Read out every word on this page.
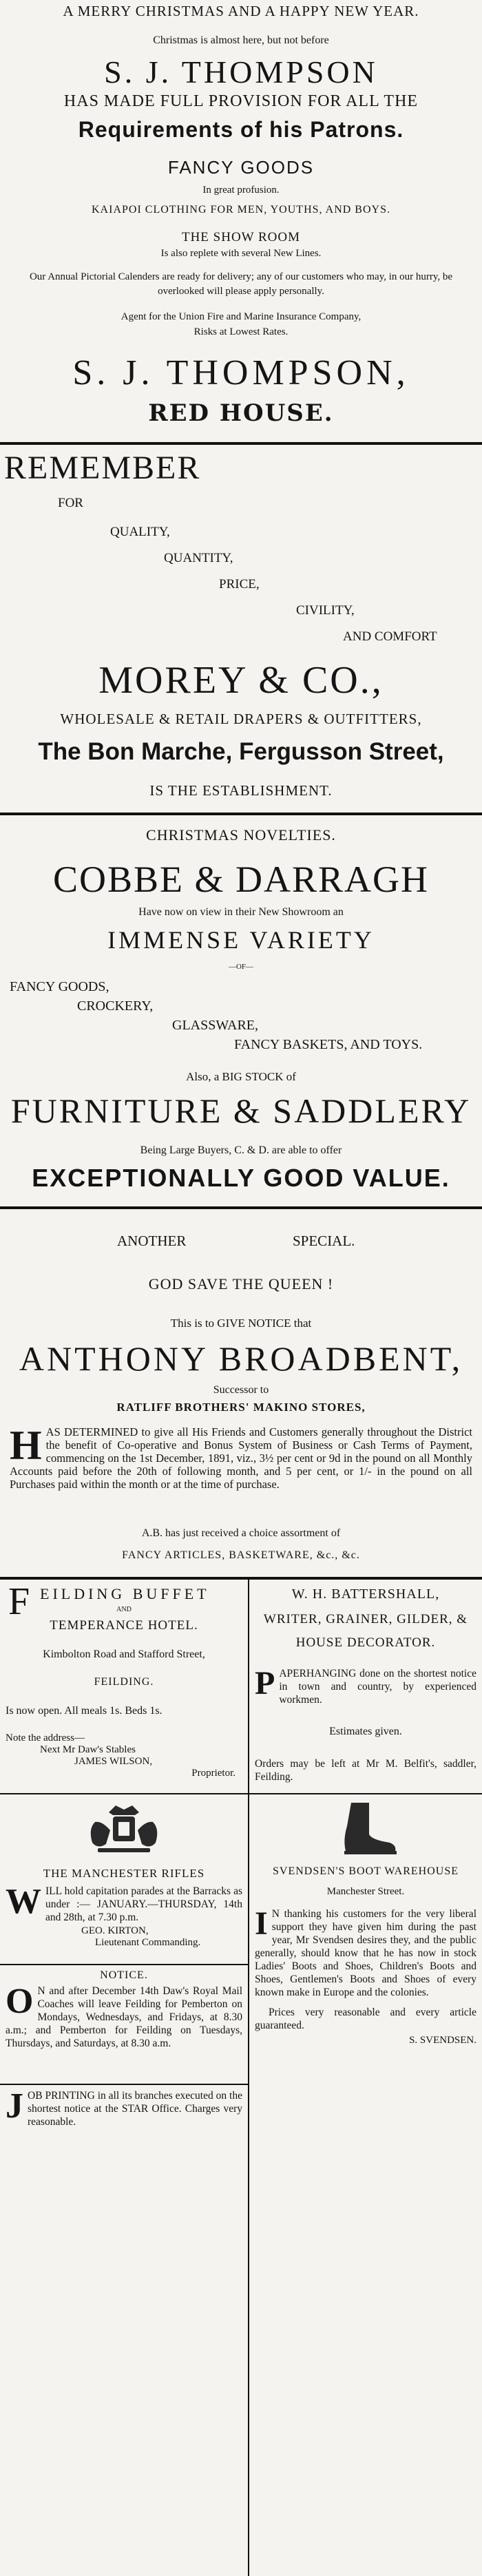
A MERRY CHRISTMAS AND A HAPPY NEW YEAR.
Christmas is almost here, but not before
S. J. THOMPSON
HAS MADE FULL PROVISION FOR ALL THE
Requirements of his Patrons.
FANCY GOODS
In great profusion.
KAIAPOI CLOTHING FOR MEN, YOUTHS, AND BOYS.
THE SHOW ROOM
Is also replete with several New Lines.
Our Annual Pictorial Calenders are ready for delivery; any of our customers who may, in our hurry, be overlooked will please apply personally.
Agent for the Union Fire and Marine Insurance Company,
Risks at Lowest Rates.
S. J. THOMPSON,
RED HOUSE.
REMEMBER
FOR
QUALITY,
QUANTITY,
PRICE,
CIVILITY,
AND COMFORT
MOREY & CO.,
WHOLESALE & RETAIL DRAPERS & OUTFITTERS,
The Bon Marche, Fergusson Street,
IS THE ESTABLISHMENT.
CHRISTMAS NOVELTIES.
COBBE & DARRAGH
Have now on view in their New Showroom an
IMMENSE VARIETY
—OF—
FANCY GOODS,
CROCKERY,
GLASSWARE,
FANCY BASKETS, AND TOYS.
Also, a BIG STOCK of
FURNITURE & SADDLERY
Being Large Buyers, C. & D. are able to offer
EXCEPTIONALLY GOOD VALUE.
ANOTHER	SPECIAL.
GOD SAVE THE QUEEN !
This is to GIVE NOTICE that
ANTHONY BROADBENT,
Successor to
RATLIFF BROTHERS' MAKINO STORES,
H AS DETERMINED to give all His Friends and Customers generally throughout the District the benefit of Co-operative and Bonus System of Business or Cash Terms of Payment, commencing on the 1st December, 1891, viz., 3½ per cent or 9d in the pound on all Monthly Accounts paid before the 20th of following month, and 5 per cent, or 1/- in the pound on all Purchases paid within the month or at the time of purchase.

A.B. has just received a choice assortment of
FANCY ARTICLES, BASKETWARE, &c., &c.
F EILDING BUFFET
AND
TEMPERANCE HOTEL.
Kimbolton Road and Stafford Street,
FEILDING.
Is now open. All meals 1s. Beds 1s.
Note the address—
Next Mr Daw's Stables
JAMES WILSON,
Proprietor.
THE MANCHESTER RIFLES
W ILL hold capitation parades at the Barracks as under :— JANUARY.—THURSDAY, 14th and 28th, at 7.30 p.m.

GEO. KIRTON,
Lieutenant Commanding.
NOTICE.
O N and after December 14th Daw's Royal Mail Coaches will leave Feilding for Pemberton on Mondays, Wednesdays, and Fridays, at 8.30 a.m.; and Pemberton for Feilding on Tuesdays, Thursdays, and Saturdays, at 8.30 a.m.

J OB PRINTING in all its branches executed on the shortest notice at the STAR Office. Charges very reasonable.

W. H. BATTERSHALL,
WRITER, GRAINER, GILDER, &
HOUSE DECORATOR.
P APERHANGING done on the shortest notice in town and country, by experienced workmen.

Estimates given.
Orders may be left at Mr M. Belfit's, saddler, Feilding.
SVENDSEN'S BOOT WAREHOUSE
Manchester Street.
I N thanking his customers for the very liberal support they have given him during the past year, Mr Svendsen desires they, and the public generally, should know that he has now in stock Ladies' Boots and Shoes, Children's Boots and Shoes, Gentlemen's Boots and Shoes of every known make in Europe and the colonies.

Prices very reasonable and every article guaranteed.
S. SVENDSEN.
